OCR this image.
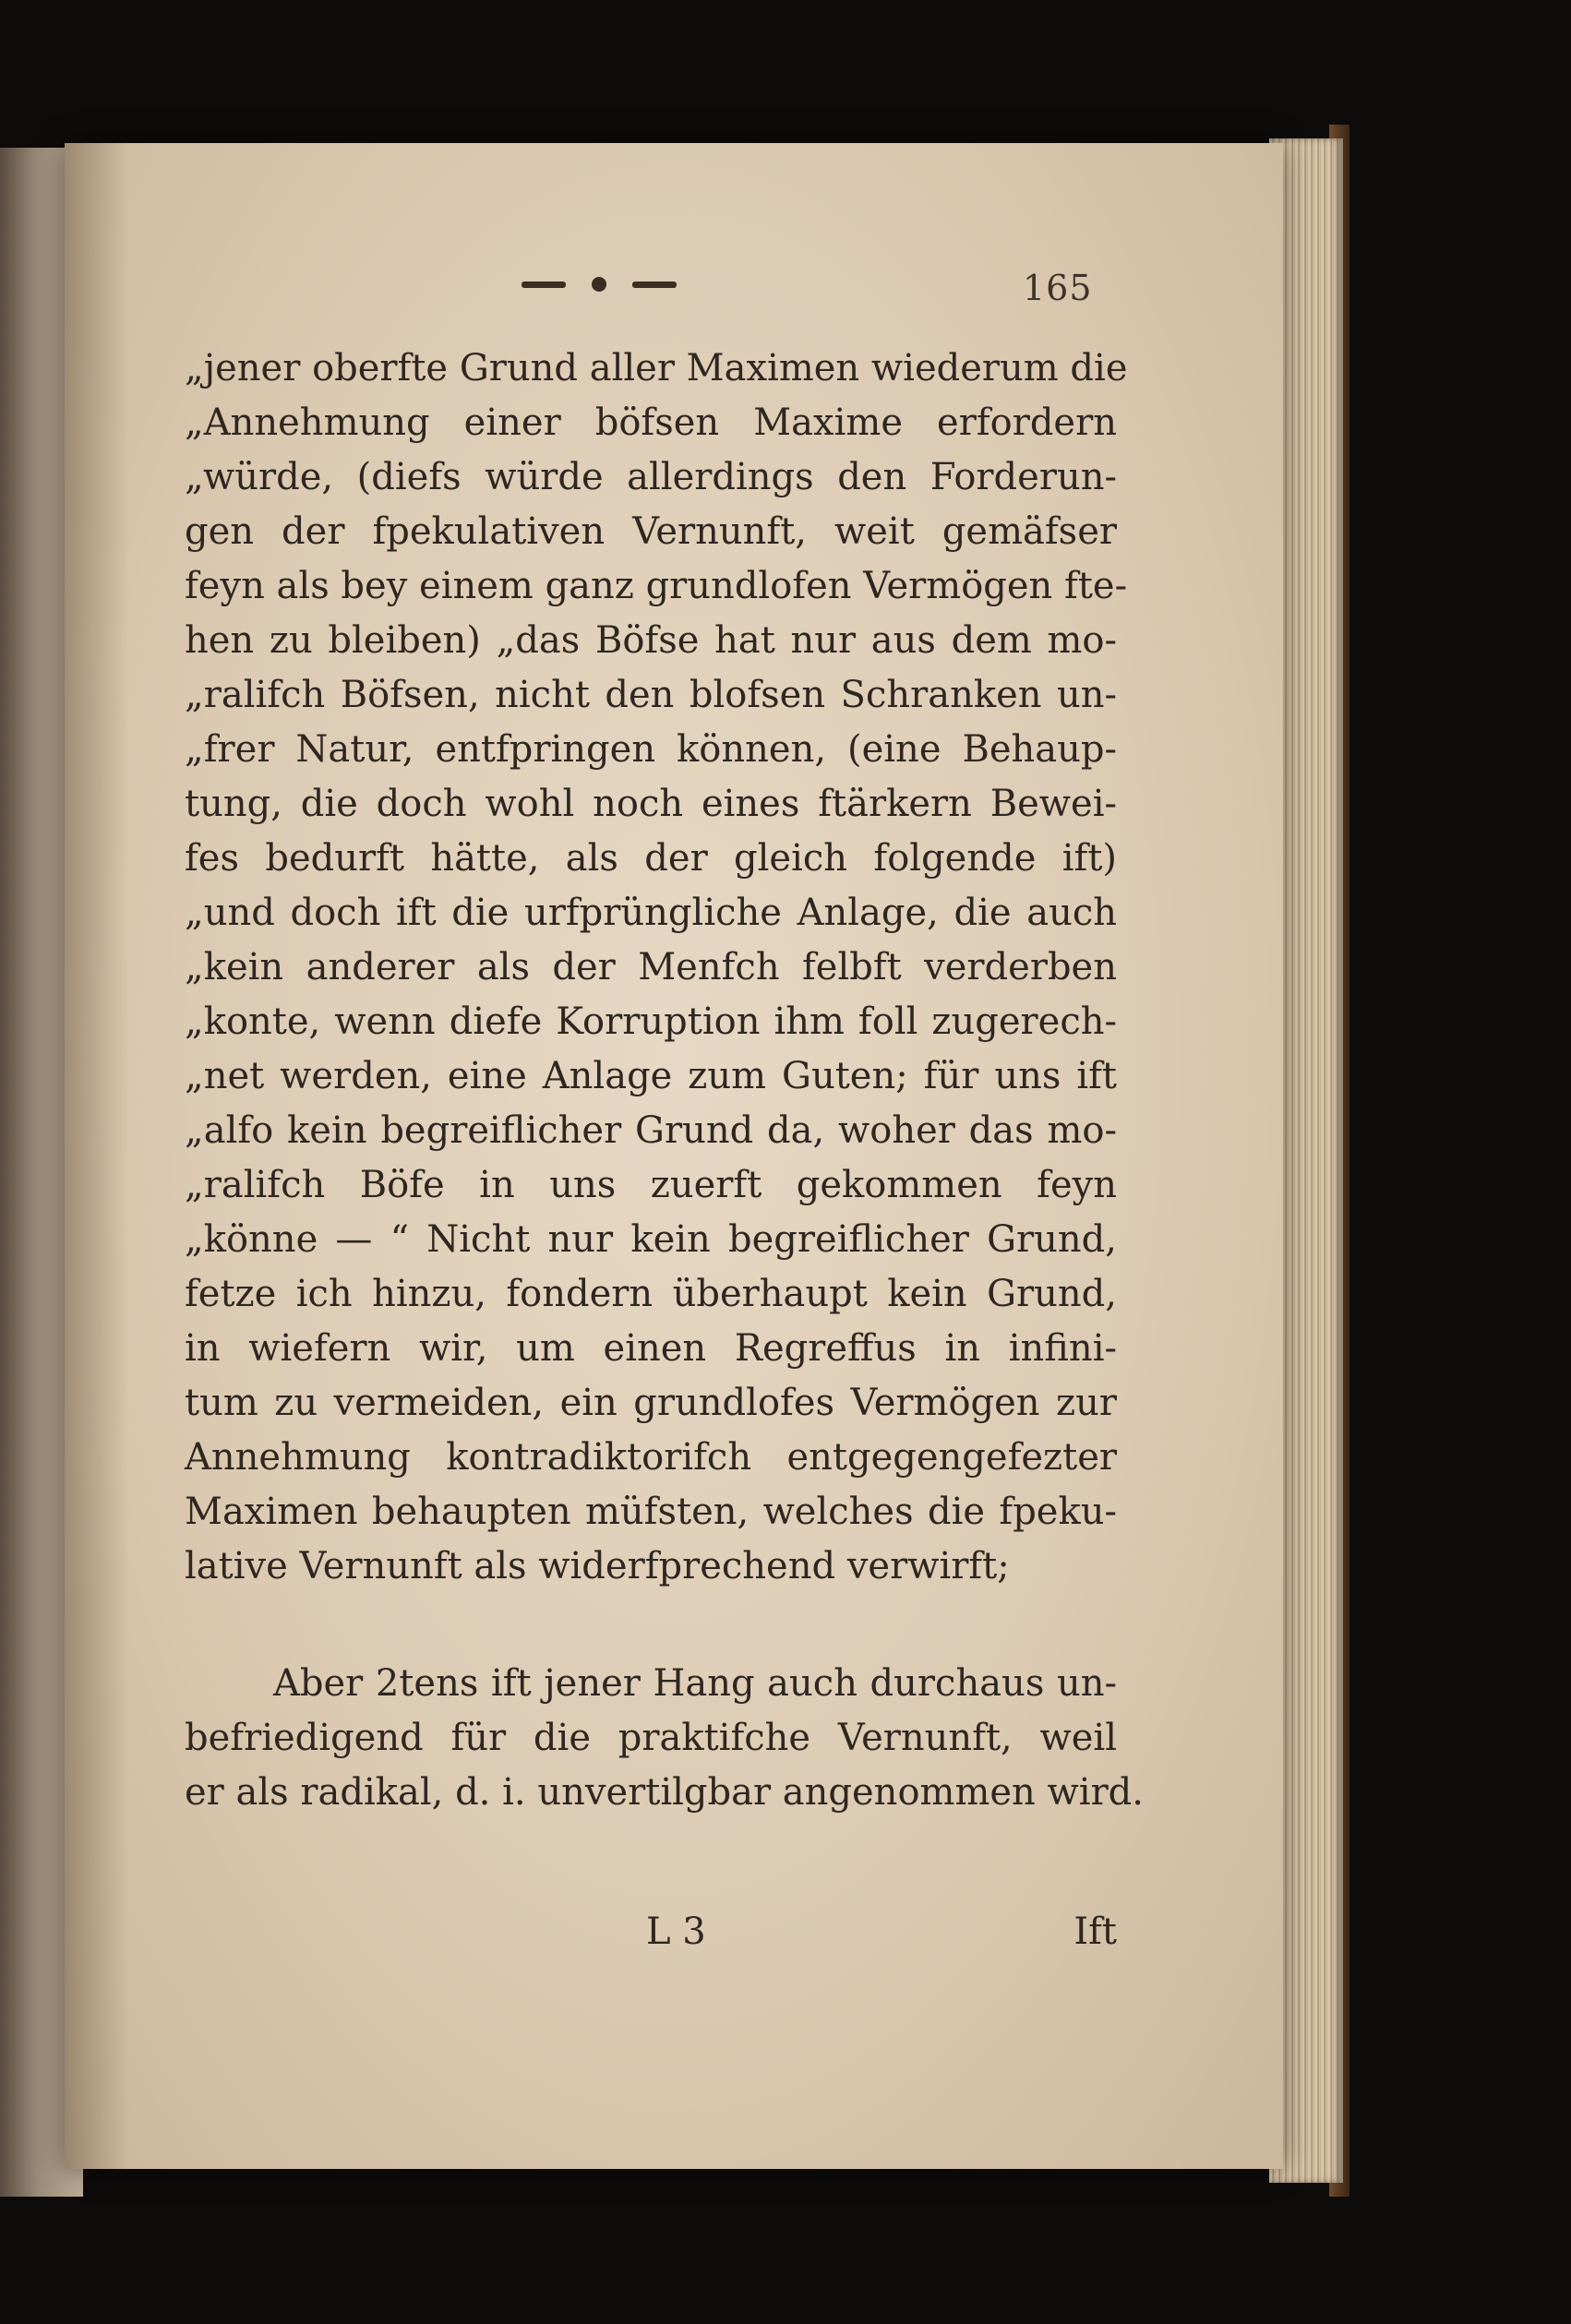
165
„jener oberfte Grund aller Maximen wiederum die
„Annehmung einer böfsen Maxime erfordern
„würde, (diefs würde allerdings den Forderun-
gen der fpekulativen Vernunft, weit gemäfser
feyn als bey einem ganz grundlofen Vermögen fte-
hen zu bleiben) „das Böfse hat nur aus dem mo-
„ralifch Böfsen, nicht den blofsen Schranken un-
„frer Natur, entfpringen können, (eine Behaup-
tung, die doch wohl noch eines ftärkern Bewei-
fes bedurft hätte, als der gleich folgende ift)
„und doch ift die urfprüngliche Anlage, die auch
„kein anderer als der Menfch felbft verderben
„konte, wenn diefe Korruption ihm foll zugerech-
„net werden, eine Anlage zum Guten; für uns ift
„alfo kein begreiflicher Grund da, woher das mo-
„ralifch Böfe in uns zuerft gekommen feyn
„könne — “ Nicht nur kein begreiflicher Grund,
fetze ich hinzu, fondern überhaupt kein Grund,
in wiefern wir, um einen Regreffus in infini-
tum zu vermeiden, ein grundlofes Vermögen zur
Annehmung kontradiktorifch entgegengefezter
Maximen behaupten müfsten, welches die fpeku-
lative Vernunft als widerfprechend verwirft;
Aber 2tens ift jener Hang auch durchaus un-
befriedigend für die praktifche Vernunft, weil
er als radikal, d. i. unvertilgbar angenommen wird.
L 3	Ift
